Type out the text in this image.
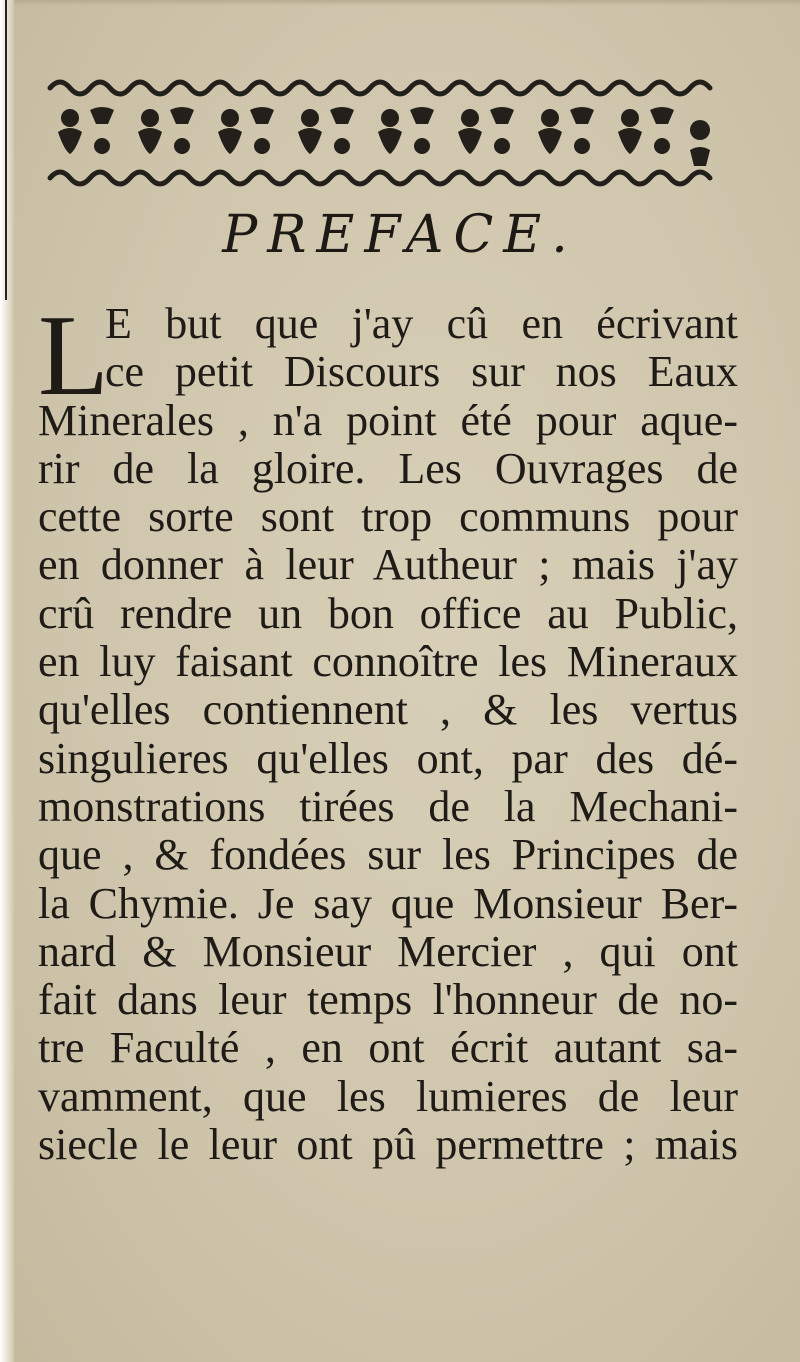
PREFACE.
L
E but que j'ay cû en écrivant
ce petit Discours sur nos Eaux
Minerales , n'a point été pour aque-
rir de la gloire. Les Ouvrages de
cette sorte sont trop communs pour
en donner à leur Autheur ; mais j'ay
crû rendre un bon office au Public,
en luy faisant connoître les Mineraux
qu'elles contiennent , & les vertus
singulieres qu'elles ont, par des dé-
monstrations tirées de la Mechani-
que , & fondées sur les Principes de
la Chymie. Je say que Monsieur Ber-
nard & Monsieur Mercier , qui ont
fait dans leur temps l'honneur de no-
tre Faculté , en ont écrit autant sa-
vamment, que les lumieres de leur
siecle le leur ont pû permettre ; mais
